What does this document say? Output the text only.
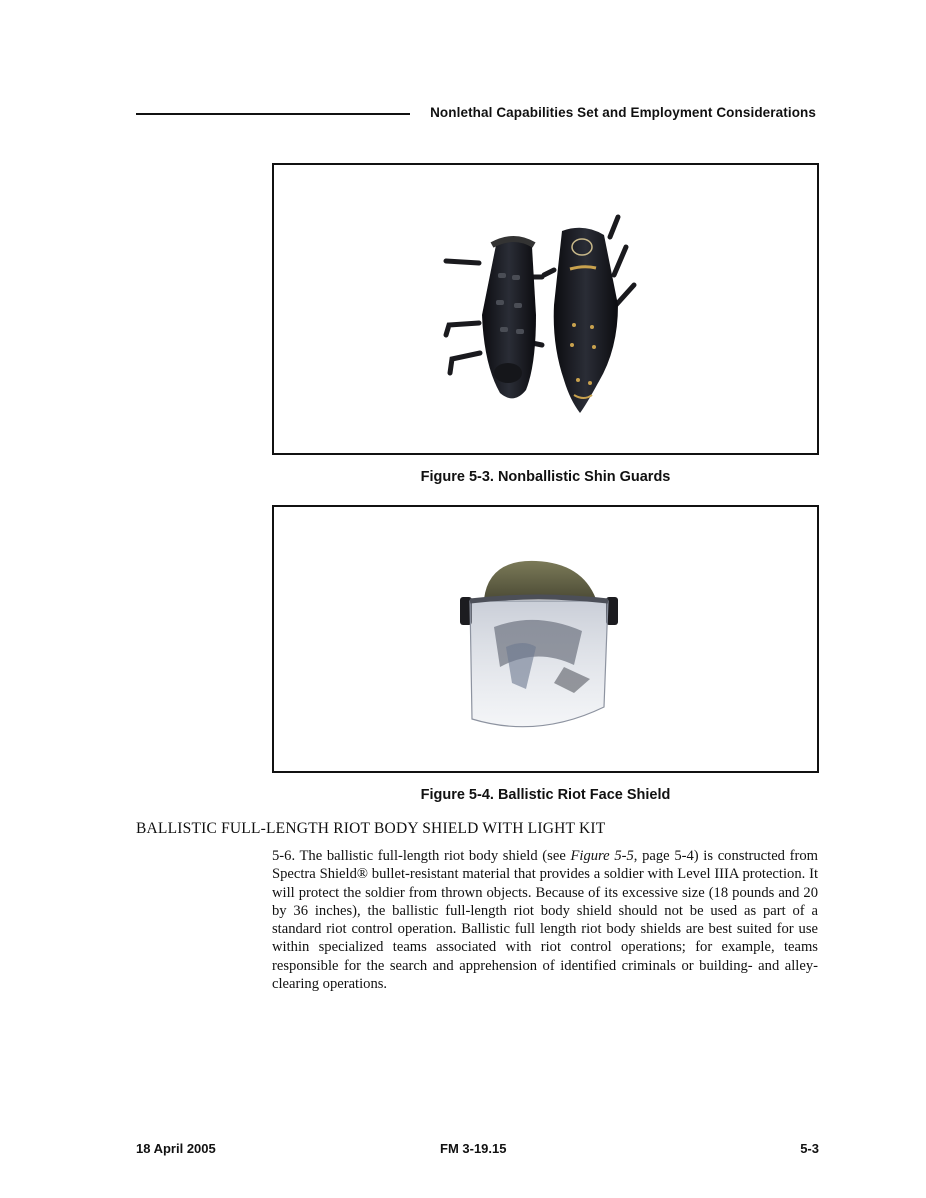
Nonlethal Capabilities Set and Employment Considerations
Figure 5-3. Nonballistic Shin Guards
Figure 5-4. Ballistic Riot Face Shield
BALLISTIC FULL-LENGTH RIOT BODY SHIELD WITH LIGHT KIT

5-6. The ballistic full-length riot body shield (see Figure 5-5, page 5-4) is constructed from Spectra Shield® bullet-resistant material that provides a soldier with Level IIIA protection. It will protect the soldier from thrown objects. Because of its excessive size (18 pounds and 20 by 36 inches), the ballistic full-length riot body shield should not be used as part of a standard riot control operation. Ballistic full length riot body shields are best suited for use within specialized teams associated with riot control operations; for example, teams responsible for the search and apprehension of identified criminals or building- and alley-clearing operations.

18 April 2005	FM 3-19.15	5-3
